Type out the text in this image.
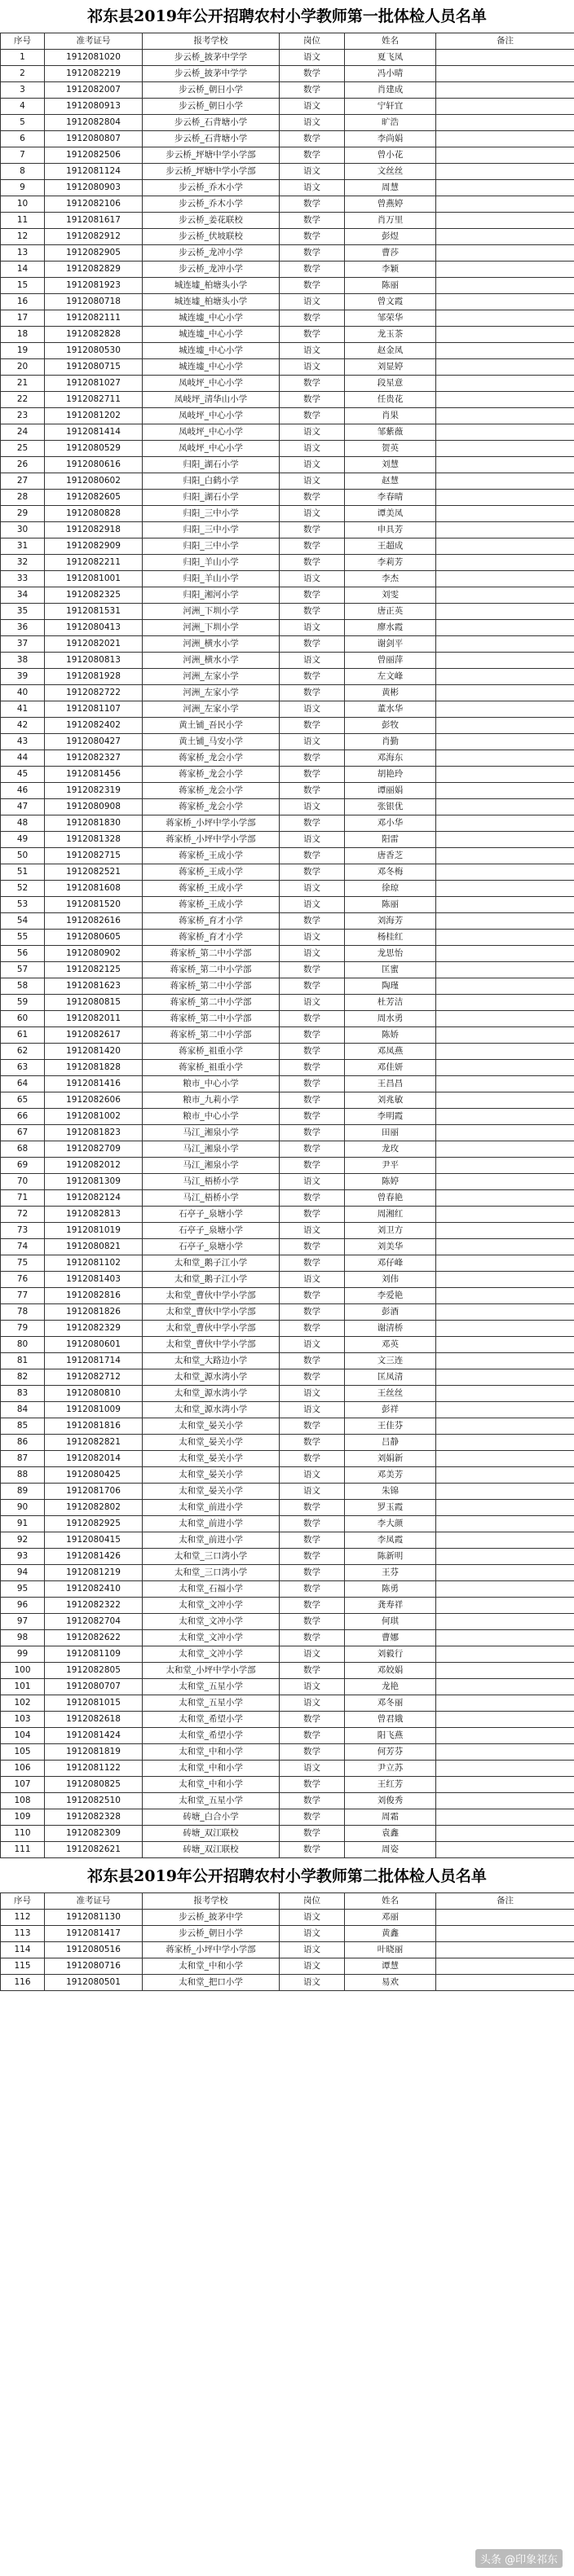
祁东县2019年公开招聘农村小学教师第一批体检人员名单
序号	准考证号	报考学校	岗位	姓名	备注
1	1912081020	步云桥_披茅中学学	语文	夏飞凤	
2	1912082219	步云桥_披茅中学学	数学	冯小晴	
3	1912082007	步云桥_朝日小学	数学	肖建成	
4	1912080913	步云桥_朝日小学	语文	宁轩宜	
5	1912082804	步云桥_石背塘小学	语文	旷浩	
6	1912080807	步云桥_石背塘小学	数学	李尚娟	
7	1912082506	步云桥_坪塘中学小学部	数学	曾小花	
8	1912081124	步云桥_坪塘中学小学部	语文	文丝丝	
9	1912080903	步云桥_乔木小学	语文	周慧	
10	1912082106	步云桥_乔木小学	数学	曾燕婷	
11	1912081617	步云桥_姜花联校	数学	肖万里	
12	1912082912	步云桥_伏坡联校	数学	彭煜	
13	1912082905	步云桥_龙冲小学	数学	曹莎	
14	1912082829	步云桥_龙冲小学	数学	李颖	
15	1912081923	城连墟_柏塘头小学	数学	陈丽	
16	1912080718	城连墟_柏塘头小学	语文	曾文霞	
17	1912082111	城连墟_中心小学	数学	邹荣华	
18	1912082828	城连墟_中心小学	数学	龙玉茶	
19	1912080530	城连墟_中心小学	语文	赵金凤	
20	1912080715	城连墟_中心小学	语文	刘显婷	
21	1912081027	凤岐坪_中心小学	数学	段星意	
22	1912082711	凤岐坪_清华山小学	数学	任贵花	
23	1912081202	凤岐坪_中心小学	数学	肖果	
24	1912081414	凤岐坪_中心小学	语文	邹紫薇	
25	1912080529	凤岐坪_中心小学	语文	贺英	
26	1912080616	归阳_湖石小学	语文	刘慧	
27	1912080602	归阳_白鹤小学	语文	赵慧	
28	1912082605	归阳_湖石小学	数学	李春晴	
29	1912080828	归阳_三中小学	语文	谭美凤	
30	1912082918	归阳_三中小学	数学	申具芳	
31	1912082909	归阳_三中小学	数学	王超成	
32	1912082211	归阳_羊山小学	数学	李莉芳	
33	1912081001	归阳_羊山小学	语文	李杰	
34	1912082325	归阳_湘河小学	数学	刘雯	
35	1912081531	河洲_下圳小学	数学	唐正英	
36	1912080413	河洲_下圳小学	语文	廖水霞	
37	1912082021	河洲_横水小学	数学	谢剑平	
38	1912080813	河洲_横水小学	语文	曾丽萍	
39	1912081928	河洲_左家小学	数学	左文峰	
40	1912082722	河洲_左家小学	数学	黄彬	
41	1912081107	河洲_左家小学	语文	董水华	
42	1912082402	黄土铺_吾民小学	数学	彭牧	
43	1912080427	黄土铺_马安小学	语文	肖勤	
44	1912082327	蒋家桥_龙会小学	数学	邓海东	
45	1912081456	蒋家桥_龙会小学	数学	胡艳玲	
46	1912082319	蒋家桥_龙会小学	数学	谭丽娟	
47	1912080908	蒋家桥_龙会小学	语文	张银优	
48	1912081830	蒋家桥_小坪中学小学部	数学	邓小华	
49	1912081328	蒋家桥_小坪中学小学部	语文	阳雷	
50	1912082715	蒋家桥_王成小学	数学	唐香芝	
51	1912082521	蒋家桥_王成小学	数学	邓冬梅	
52	1912081608	蒋家桥_王成小学	语文	徐琼	
53	1912081520	蒋家桥_王成小学	语文	陈丽	
54	1912082616	蒋家桥_育才小学	数学	刘海芳	
55	1912080605	蒋家桥_育才小学	语文	杨桂红	
56	1912080902	蒋家桥_第二中小学部	语文	龙思怡	
57	1912082125	蒋家桥_第二中小学部	数学	匡蜜	
58	1912081623	蒋家桥_第二中小学部	数学	陶瑾	
59	1912080815	蒋家桥_第二中小学部	语文	杜芳洁	
60	1912082011	蒋家桥_第二中小学部	数学	周水勇	
61	1912082617	蒋家桥_第二中小学部	数学	陈娇	
62	1912081420	蒋家桥_祖重小学	数学	邓凤燕	
63	1912081828	蒋家桥_祖重小学	数学	邓佳妍	
64	1912081416	粮市_中心小学	数学	王昌昌	
65	1912082606	粮市_九莉小学	数学	刘兆敏	
66	1912081002	粮市_中心小学	数学	李明霞	
67	1912081823	马江_湘泉小学	数学	田丽	
68	1912082709	马江_湘泉小学	数学	龙玫	
69	1912082012	马江_湘泉小学	数学	尹平	
70	1912081309	马江_梧桥小学	语文	陈婷	
71	1912082124	马江_梧桥小学	数学	曾春艳	
72	1912082813	石亭子_泉塘小学	数学	周湘红	
73	1912081019	石亭子_泉塘小学	语文	刘卫方	
74	1912080821	石亭子_泉塘小学	数学	刘美华	
75	1912081102	太和堂_鹅子江小学	数学	邓仔峰	
76	1912081403	太和堂_鹅子江小学	语文	刘伟	
77	1912082816	太和堂_曹伙中学小学部	数学	李爱艳	
78	1912081826	太和堂_曹伙中学小学部	数学	彭酒	
79	1912082329	太和堂_曹伙中学小学部	数学	谢清桥	
80	1912080601	太和堂_曹伙中学小学部	语文	邓英	
81	1912081714	太和堂_大路边小学	数学	文三连	
82	1912082712	太和堂_源水湾小学	数学	匡凤清	
83	1912080810	太和堂_源水湾小学	语文	王丝丝	
84	1912081009	太和堂_源水湾小学	语文	彭祥	
85	1912081816	太和堂_晏关小学	数学	王佳芬	
86	1912082821	太和堂_晏关小学	数学	吕静	
87	1912082014	太和堂_晏关小学	数学	刘娟新	
88	1912080425	太和堂_晏关小学	语文	邓美芳	
89	1912081706	太和堂_晏关小学	语文	朱锦	
90	1912082802	太和堂_前进小学	数学	罗玉霞	
91	1912082925	太和堂_前进小学	数学	李大颜	
92	1912080415	太和堂_前进小学	数学	李凤霞	
93	1912081426	太和堂_三口湾小学	数学	陈新明	
94	1912081219	太和堂_三口湾小学	数学	王芬	
95	1912082410	太和堂_石福小学	数学	陈勇	
96	1912082322	太和堂_文冲小学	数学	龚寿祥	
97	1912082704	太和堂_文冲小学	数学	何琪	
98	1912082622	太和堂_文冲小学	数学	曹娜	
99	1912081109	太和堂_文冲小学	语文	刘毅行	
100	1912082805	太和堂_小坪中学小学部	数学	邓姣娟	
101	1912080707	太和堂_五星小学	语文	龙艳	
102	1912081015	太和堂_五星小学	语文	邓冬丽	
103	1912082618	太和堂_希望小学	数学	曾君娥	
104	1912081424	太和堂_希望小学	数学	阳飞燕	
105	1912081819	太和堂_中和小学	数学	何芳芬	
106	1912081122	太和堂_中和小学	语文	尹立苏	
107	1912080825	太和堂_中和小学	数学	王红芳	
108	1912082510	太和堂_五星小学	数学	刘俊秀	
109	1912082328	砖塘_白合小学	数学	周霜	
110	1912082309	砖塘_双江联校	数学	袁鑫	
111	1912082621	砖塘_双江联校	数学	周姿	
祁东县2019年公开招聘农村小学教师第二批体检人员名单
序号	准考证号	报考学校	岗位	姓名	备注
112	1912081130	步云桥_披茅中学	语文	邓丽	
113	1912081417	步云桥_朝日小学	语文	黄鑫	
114	1912080516	蒋家桥_小坪中学小学部	语文	叶晓丽	
115	1912080716	太和堂_中和小学	语文	谭慧	
116	1912080501	太和堂_把口小学	语文	易欢	
头条 @印象祁东
